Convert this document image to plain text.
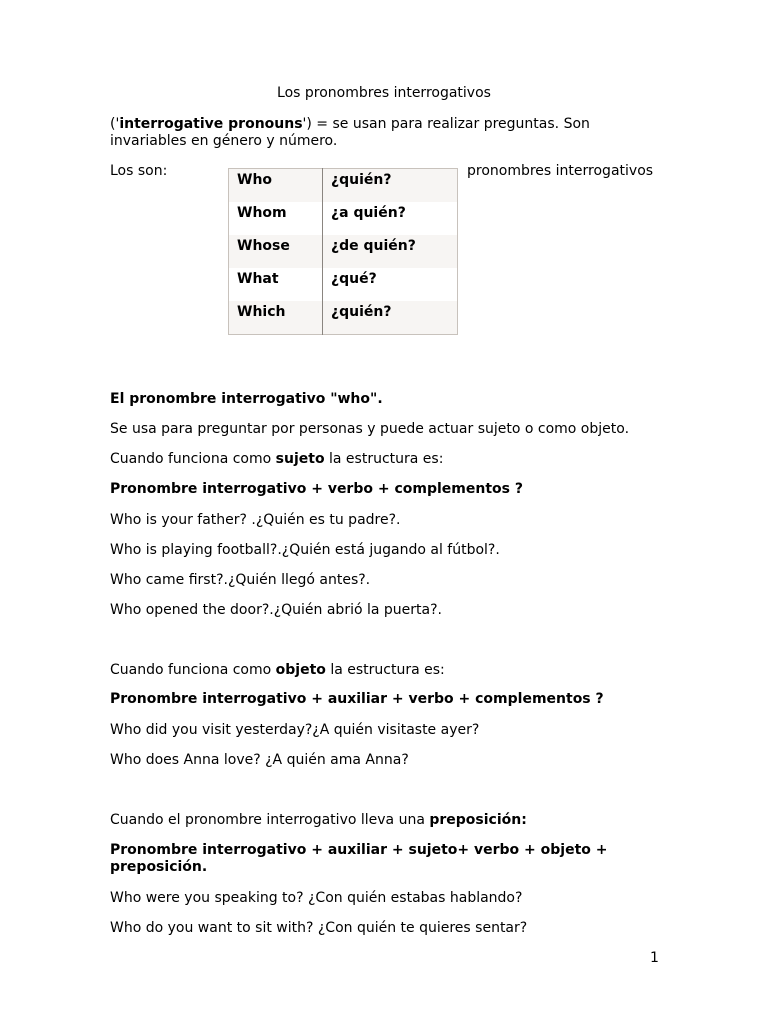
Los pronombres interrogativos
('interrogative pronouns') = se usan para realizar preguntas. Son invariables en género y número.
Los son:	pronombres interrogativos
Who	¿quién?
Whom	¿a quién?
Whose	¿de quién?
What	¿qué?
Which	¿quién?
El pronombre interrogativo "who".
Se usa para preguntar por personas y puede actuar sujeto o como objeto.
Cuando funciona como sujeto la estructura es:
Pronombre interrogativo + verbo + complementos ?
Who is your father? .¿Quién es tu padre?.
Who is playing football?.¿Quién está jugando al fútbol?.
Who came first?.¿Quién llegó antes?.
Who opened the door?.¿Quién abrió la puerta?.
Cuando funciona como objeto la estructura es:
Pronombre interrogativo + auxiliar + verbo + complementos ?
Who did you visit yesterday?¿A quién visitaste ayer?
Who does Anna love? ¿A quién ama Anna?
Cuando el pronombre interrogativo lleva una preposición:
Pronombre interrogativo + auxiliar + sujeto+ verbo + objeto + preposición.
Who were you speaking to? ¿Con quién estabas hablando?
Who do you want to sit with? ¿Con quién te quieres sentar?
1
